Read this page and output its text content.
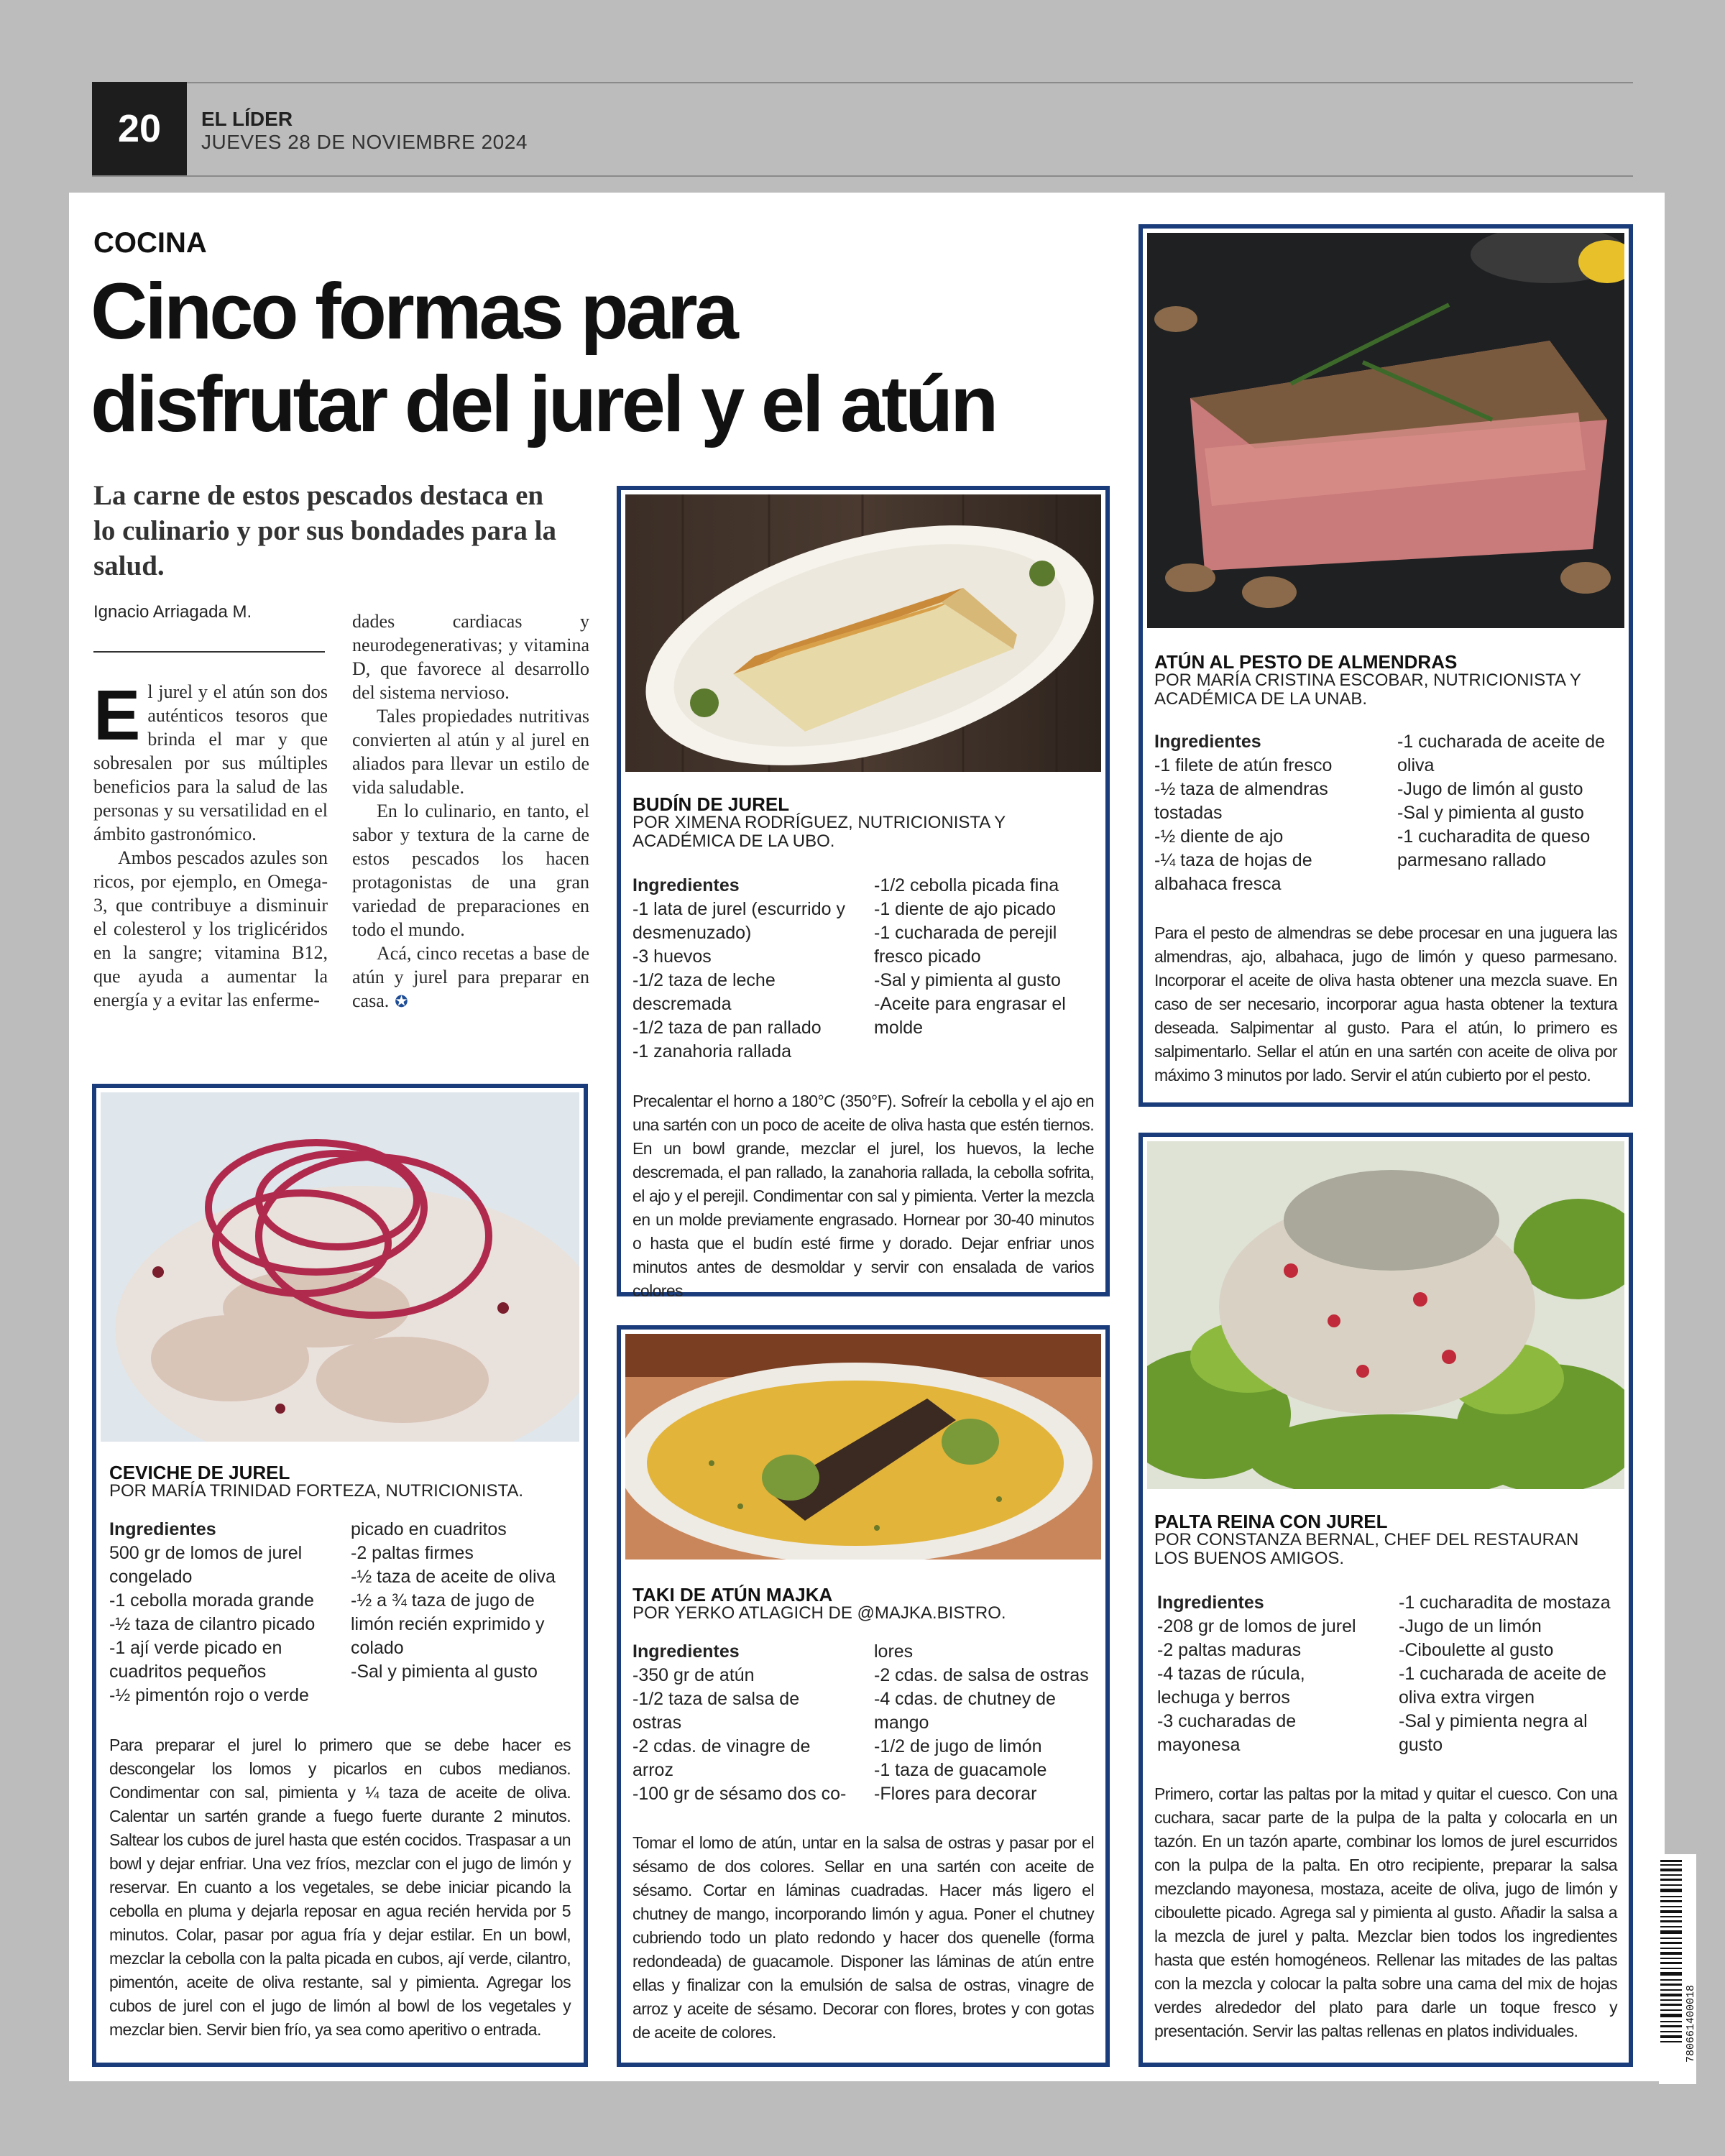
20	EL LÍDER
JUEVES 28 DE NOVIEMBRE 2024
COCINA
Cinco formas para
disfrutar del jurel y el atún
La carne de estos pescados destaca en lo culinario y por sus bondades para la salud.
Ignacio Arriagada M.

El jurel y el atún son dos auténticos tesoros que brinda el mar y que sobresalen por sus múltiples beneficios para la salud de las personas y su versatilidad en el ámbito gastronómico.

Ambos pescados azules son ricos, por ejemplo, en Omega-3, que contribuye a disminuir el colesterol y los triglicéridos en la sangre; vitamina B12, que ayuda a aumentar la energía y a evitar las enferme-

dades cardiacas y neurodegenerativas; y vitamina D, que favorece al desarrollo del sistema nervioso.

Tales propiedades nutritivas convierten al atún y al jurel en aliados para llevar un estilo de vida saludable.

En lo culinario, en tanto, el sabor y textura de la carne de estos pescados los hacen protagonistas de una gran variedad de preparaciones en todo el mundo.

Acá, cinco recetas a base de atún y jurel para preparar en casa. ✪

BUDÍN DE JUREL
POR XIMENA RODRÍGUEZ, NUTRICIONISTA Y ACADÉMICA DE LA UBO.
Ingredientes
-1 lata de jurel (escurrido y desmenuzado)
-3 huevos
-1/2 taza de leche descremada
-1/2 taza de pan rallado
-1 zanahoria rallada
-1/2 cebolla picada fina
-1 diente de ajo picado
-1 cucharada de perejil fresco picado
-Sal y pimienta al gusto
-Aceite para engrasar el molde
Precalentar el horno a 180°C (350°F). Sofreír la cebolla y el ajo en una sartén con un poco de aceite de oliva hasta que estén tiernos. En un bowl grande, mezclar el jurel, los huevos, la leche descremada, el pan rallado, la zanahoria rallada, la cebolla sofrita, el ajo y el perejil. Condimentar con sal y pimienta. Verter la mezcla en un molde previamente engrasado. Hornear por 30-40 minutos o hasta que el budín esté firme y dorado. Dejar enfriar unos minutos antes de desmoldar y servir con ensalada de varios colores
ATÚN AL PESTO DE ALMENDRAS
POR MARÍA CRISTINA ESCOBAR, NUTRICIONISTA Y ACADÉMICA DE LA UNAB.
Ingredientes
-1 filete de atún fresco
-½ taza de almendras tostadas
-½ diente de ajo
-¼ taza de hojas de albahaca fresca
-1 cucharada de aceite de oliva
-Jugo de limón al gusto
-Sal y pimienta al gusto
-1 cucharadita de queso parmesano rallado
Para el pesto de almendras se debe procesar en una juguera las almendras, ajo, albahaca, jugo de limón y queso parmesano. Incorporar el aceite de oliva hasta obtener una mezcla suave. En caso de ser necesario, incorporar agua hasta obtener la textura deseada. Salpimentar al gusto. Para el atún, lo primero es salpimentarlo. Sellar el atún en una sartén con aceite de oliva por máximo 3 minutos por lado. Servir el atún cubierto por el pesto.
CEVICHE DE JUREL
POR MARÍA TRINIDAD FORTEZA, NUTRICIONISTA.
Ingredientes
500 gr de lomos de jurel congelado
-1 cebolla morada grande
-½ taza de cilantro picado
-1 ají verde picado en cuadritos pequeños
-½ pimentón rojo o verde
picado en cuadritos
-2 paltas firmes
-½ taza de aceite de oliva
-½ a ¾ taza de jugo de limón recién exprimido y colado
-Sal y pimienta al gusto
Para preparar el jurel lo primero que se debe hacer es descongelar los lomos y picarlos en cubos medianos. Condimentar con sal, pimienta y ¼ taza de aceite de oliva. Calentar un sartén grande a fuego fuerte durante 2 minutos. Saltear los cubos de jurel hasta que estén cocidos. Traspasar a un bowl y dejar enfriar. Una vez fríos, mezclar con el jugo de limón y reservar. En cuanto a los vegetales, se debe iniciar picando la cebolla en pluma y dejarla reposar en agua recién hervida por 5 minutos. Colar, pasar por agua fría y dejar estilar. En un bowl, mezclar la cebolla con la palta picada en cubos, ají verde, cilantro, pimentón, aceite de oliva restante, sal y pimienta. Agregar los cubos de jurel con el jugo de limón al bowl de los vegetales y mezclar bien. Servir bien frío, ya sea como aperitivo o entrada.
TAKI DE ATÚN MAJKA
POR YERKO ATLAGICH DE @MAJKA.BISTRO.
Ingredientes
-350 gr de atún
-1/2 taza de salsa de ostras
-2 cdas. de vinagre de arroz
-100 gr de sésamo dos co-
lores
-2 cdas. de salsa de ostras
-4 cdas. de chutney de mango
-1/2 de jugo de limón
-1 taza de guacamole
-Flores para decorar
Tomar el lomo de atún, untar en la salsa de ostras y pasar por el sésamo de dos colores. Sellar en una sartén con aceite de sésamo. Cortar en láminas cuadradas. Hacer más ligero el chutney de mango, incorporando limón y agua. Poner el chutney cubriendo todo un plato redondo y hacer dos quenelle (forma redondeada) de guacamole. Disponer las láminas de atún entre ellas y finalizar con la emulsión de salsa de ostras, vinagre de arroz y aceite de sésamo. Decorar con flores, brotes y con gotas de aceite de colores.
PALTA REINA CON JUREL
POR CONSTANZA BERNAL, CHEF DEL RESTAURAN LOS BUENOS AMIGOS.
Ingredientes
-208 gr de lomos de jurel
-2 paltas maduras
-4 tazas de rúcula, lechuga y berros
-3 cucharadas de mayonesa
-1 cucharadita de mostaza
-Jugo de un limón
-Ciboulette al gusto
-1 cucharada de aceite de oliva extra virgen
-Sal y pimienta negra al gusto
Primero, cortar las paltas por la mitad y quitar el cuesco. Con una cuchara, sacar parte de la pulpa de la palta y colocarla en un tazón. En un tazón aparte, combinar los lomos de jurel escurridos con la pulpa de la palta. En otro recipiente, preparar la salsa mezclando mayonesa, mostaza, aceite de oliva, jugo de limón y ciboulette picado. Agrega sal y pimienta al gusto. Añadir la salsa a la mezcla de jurel y palta. Mezclar bien todos los ingredientes hasta que estén homogéneos. Rellenar las mitades de las paltas con la mezcla y colocar la palta sobre una cama del mix de hojas verdes alrededor del plato para darle un toque fresco y presentación. Servir las paltas rellenas en platos individuales.	780661400018
